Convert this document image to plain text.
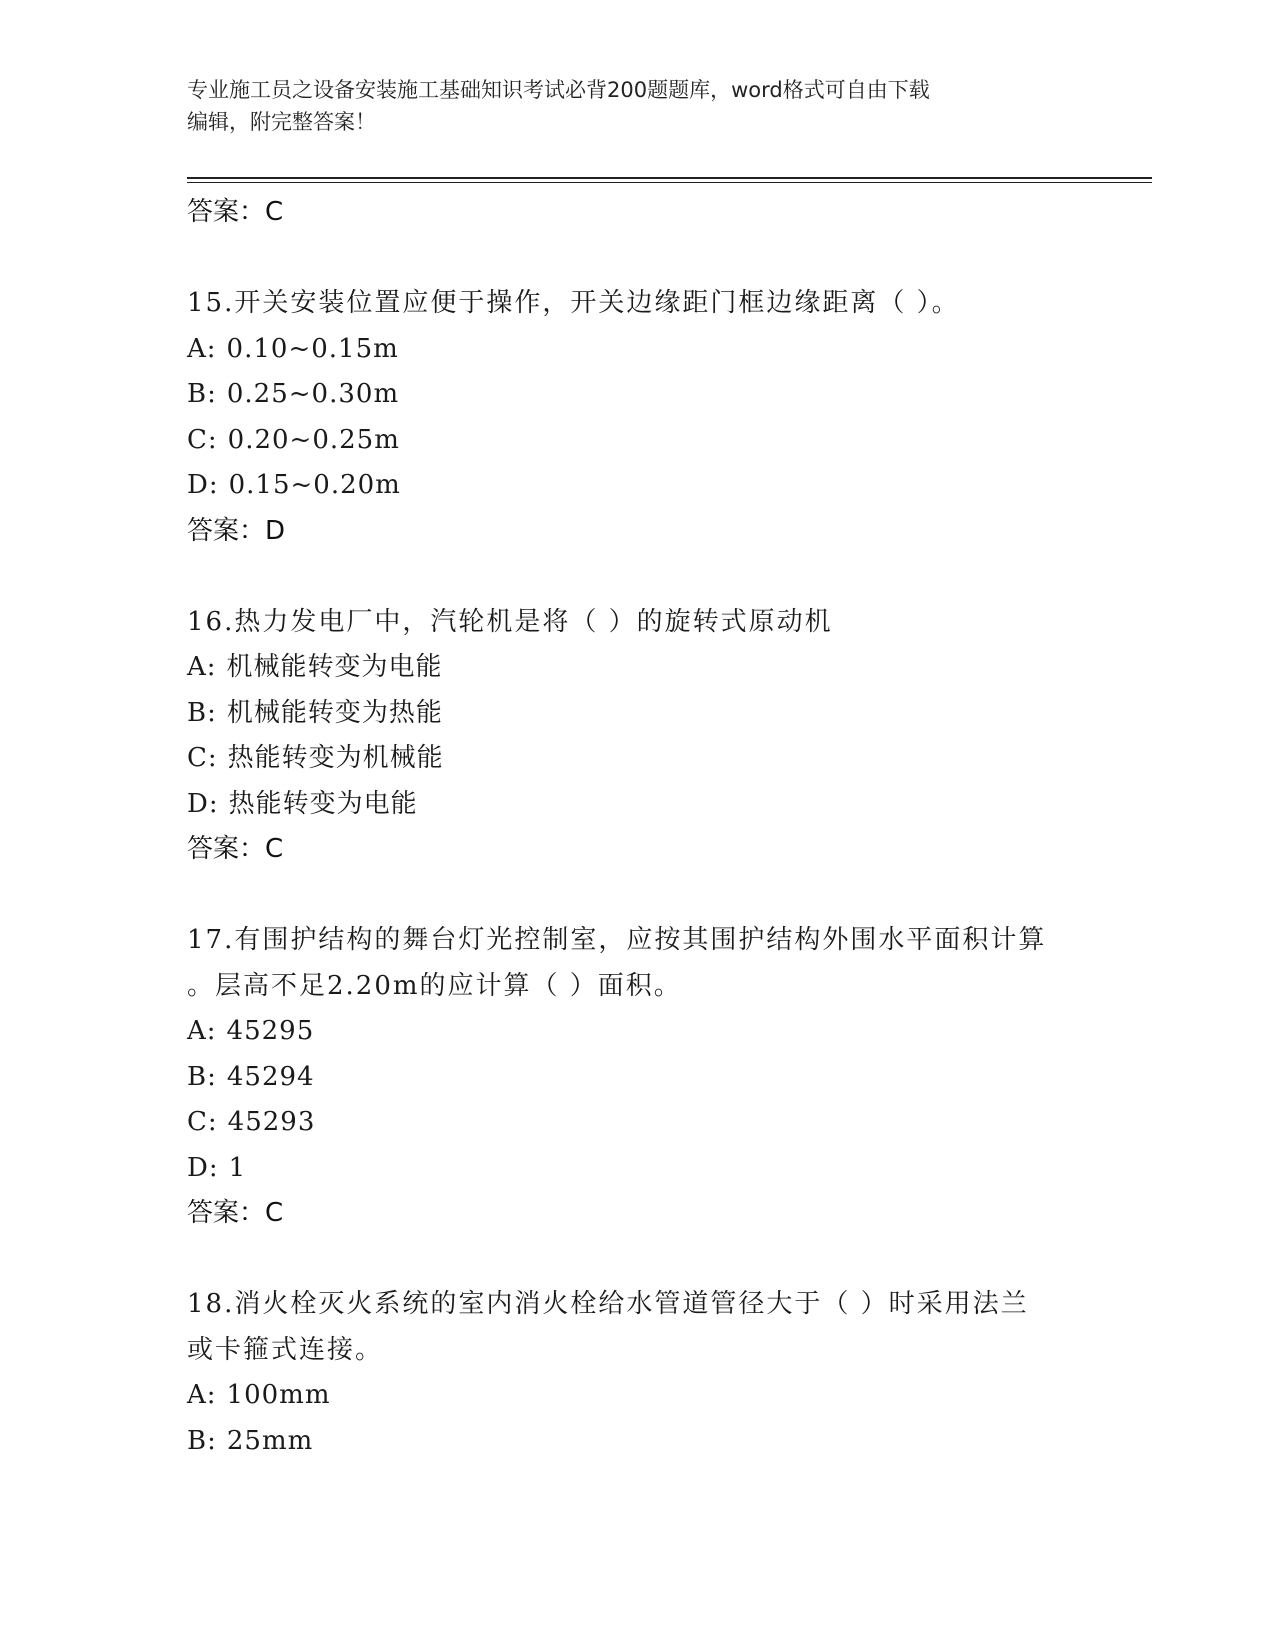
专业施工员之设备安装施工基础知识考试必背200题题库，word格式可自由下载
编辑，附完整答案！
答案：C
15.开关安装位置应便于操作，开关边缘距门框边缘距离（ ）。
A: 0.10~0.15m
B: 0.25~0.30m
C: 0.20~0.25m
D: 0.15~0.20m
答案：D
16.热力发电厂中，汽轮机是将（ ）的旋转式原动机
A: 机械能转变为电能
B: 机械能转变为热能
C: 热能转变为机械能
D: 热能转变为电能
答案：C
17.有围护结构的舞台灯光控制室，应按其围护结构外围水平面积计算
。层高不足2.20m的应计算（ ）面积。
A: 45295
B: 45294
C: 45293
D: 1
答案：C
18.消火栓灭火系统的室内消火栓给水管道管径大于（ ）时采用法兰
或卡箍式连接。
A: 100mm
B: 25mm
